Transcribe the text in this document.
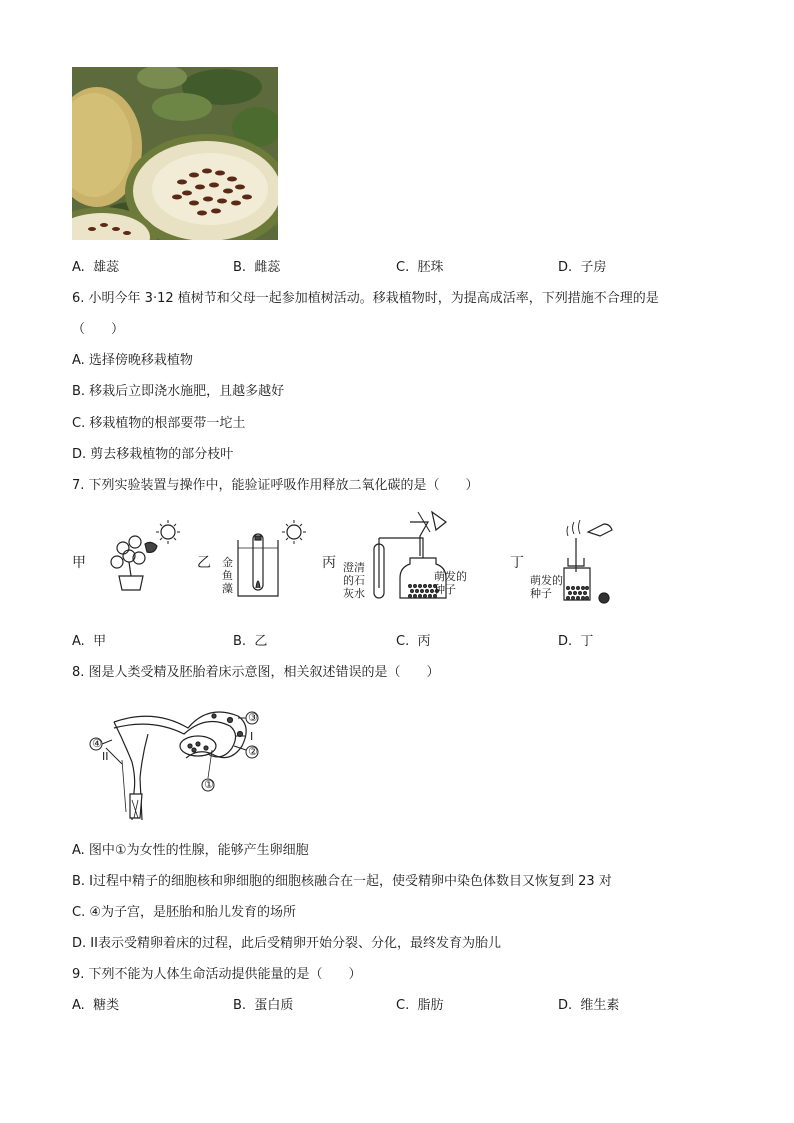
A. 雄蕊	B. 雌蕊	C. 胚珠	D. 子房
6. 小明今年 3·12 植树节和父母一起参加植树活动。移栽植物时，为提高成活率，下列措施不合理的是
（　　）
A. 选择傍晚移栽植物
B. 移栽后立即浇水施肥，且越多越好
C. 移栽植物的根部要带一坨土
D. 剪去移栽植物的部分枝叶
7. 下列实验装置与操作中，能验证呼吸作用释放二氧化碳的是（　　）
甲	乙	丙	丁
金
鱼
藻
澄清
的石
灰水
萌发的
种子
萌发的
种子
A. 甲	B. 乙	C. 丙	D. 丁
8. 图是人类受精及胚胎着床示意图，相关叙述错误的是（　　）
③
I
②
④
II
①
A. 图中①为女性的性腺，能够产生卵细胞
B. Ⅰ过程中精子的细胞核和卵细胞的细胞核融合在一起，使受精卵中染色体数目又恢复到 23 对
C. ④为子宫，是胚胎和胎儿发育的场所
D. II表示受精卵着床的过程，此后受精卵开始分裂、分化，最终发育为胎儿
9. 下列不能为人体生命活动提供能量的是（　　）
A. 糖类	B. 蛋白质	C. 脂肪	D. 维生素
